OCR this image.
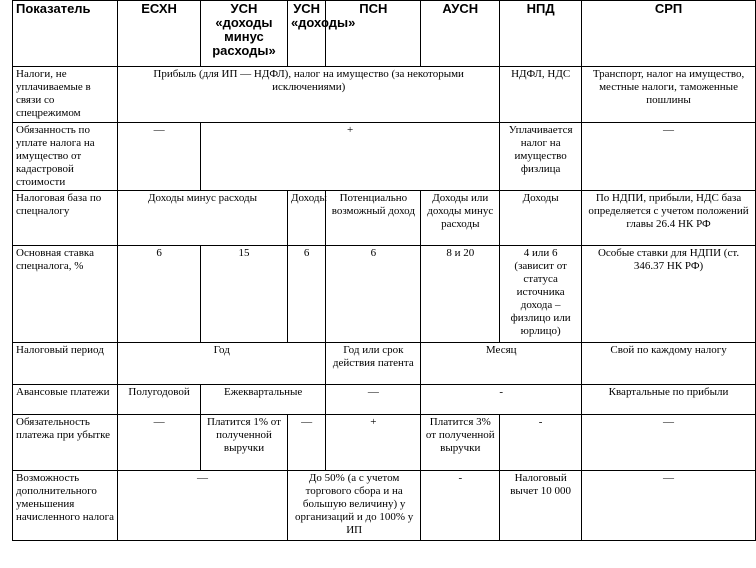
Показатель	ЕСХН	УСН «доходы минус расходы»	УСН «доходы»	ПСН	АУСН	НПД	СРП
Налоги, не уплачиваемые в связи со спецрежимом	Прибыль (для ИП — НДФЛ), налог на имущество (за некоторыми исключениями)					НДФЛ, НДС	Транспорт, налог на имущество, местные налоги, таможенные пошлины
Обязанность по уплате налога на имущество от кадастровой стоимости	—	+				Уплачивается налог на имущество физлица	—
Налоговая база по спецналогу	Доходы минус расходы		Доходы	Потенциально возможный доход	Доходы или доходы минус расходы	Доходы	По НДПИ, прибыли, НДС база определяется с учетом положений главы 26.4 НК РФ
Основная ставка спецналога, %	6	15	6	6	8 и 20	4 или 6 (зависит от статуса источника дохода – физлицо или юрлицо)	Особые ставки для НДПИ (ст. 346.37 НК РФ)
Налоговый период	Год			Год или срок действия патента	Месяц		Свой по каждому налогу
Авансовые платежи	Полугодовой	Ежеквартальные		—	-		Квартальные по прибыли
Обязательность платежа при убытке	—	Платится 1% от полученной выручки	—	+	Платится 3% от полученной выручки	-	—
Возможность дополнительного уменьшения начисленного налога	—		До 50% (а с учетом торгового сбора и на большую величину) у организаций и до 100% у ИП		-	Налоговый вычет 10 000	—
